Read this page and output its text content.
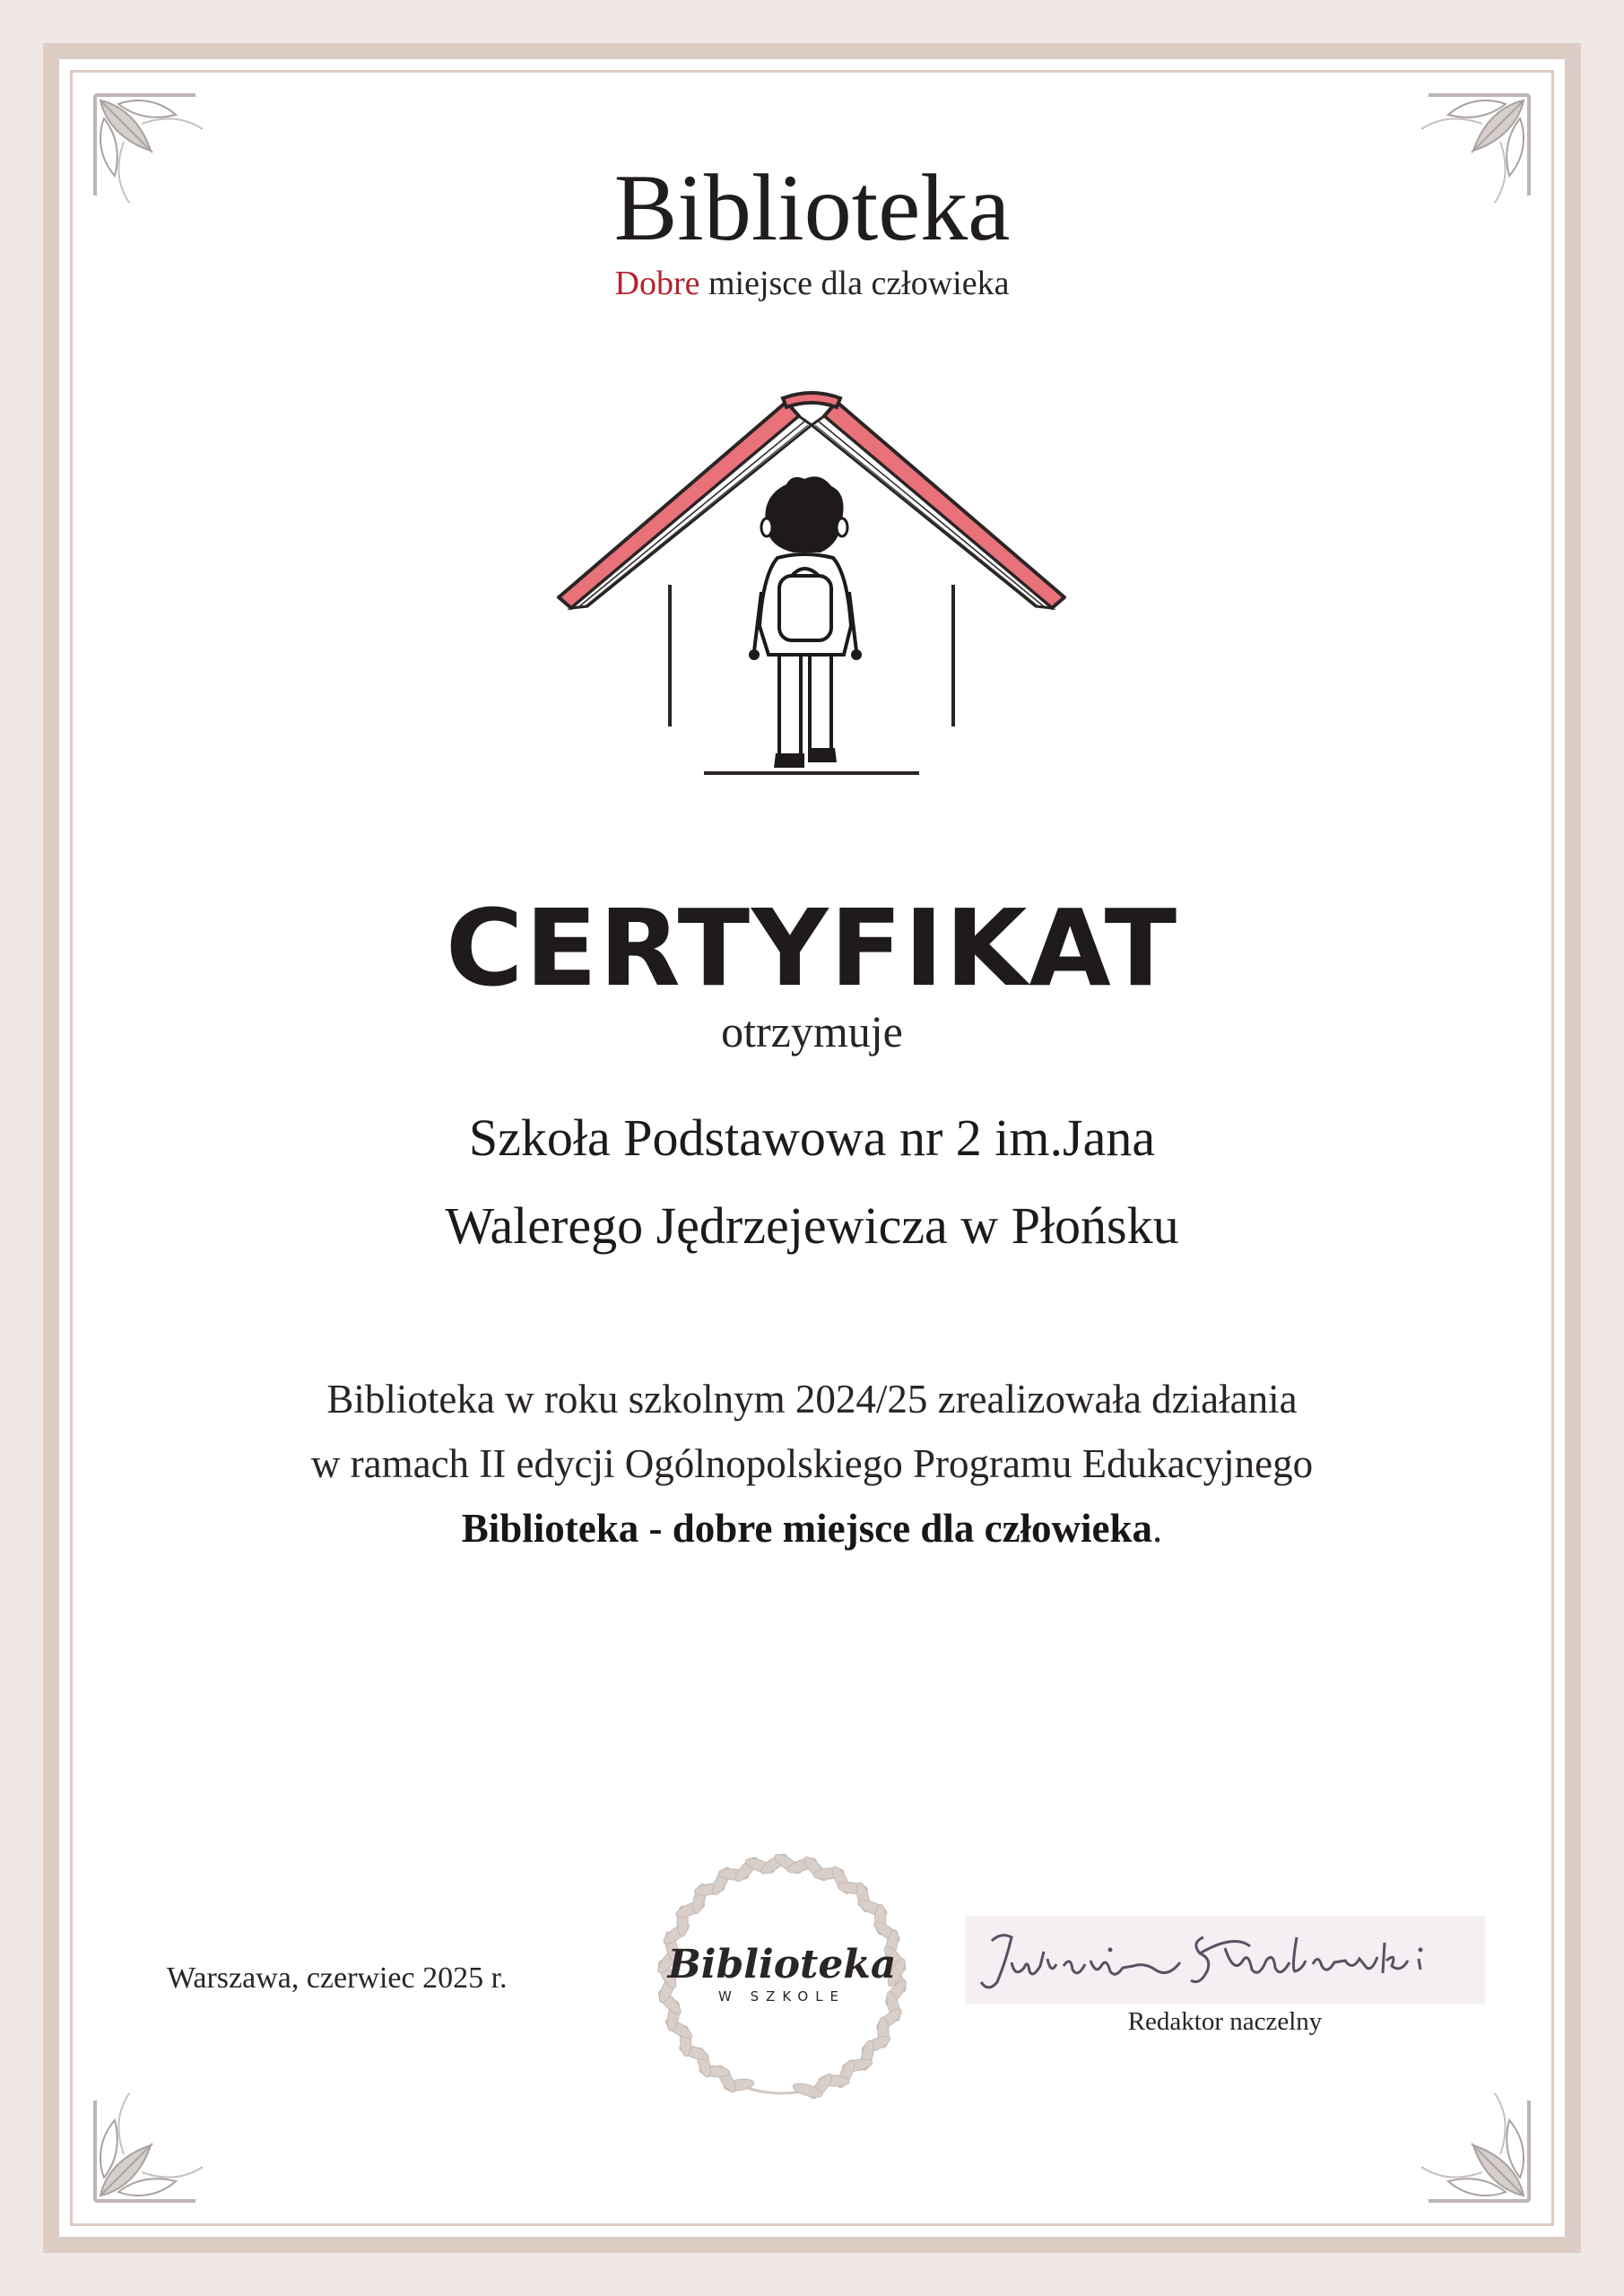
Biblioteka
Dobre miejsce dla człowieka
CERTYFIKAT
otrzymuje
Szkoła Podstawowa nr 2 im.Jana
Walerego Jędrzejewicza w Płońsku
Biblioteka w roku szkolnym 2024/25 zrealizowała działania
w ramach II edycji Ogólnopolskiego Programu Edukacyjnego
Biblioteka - dobre miejsce dla człowieka.
Warszawa, czerwiec 2025 r.	Biblioteka
W SZKOLE
Redaktor naczelny
